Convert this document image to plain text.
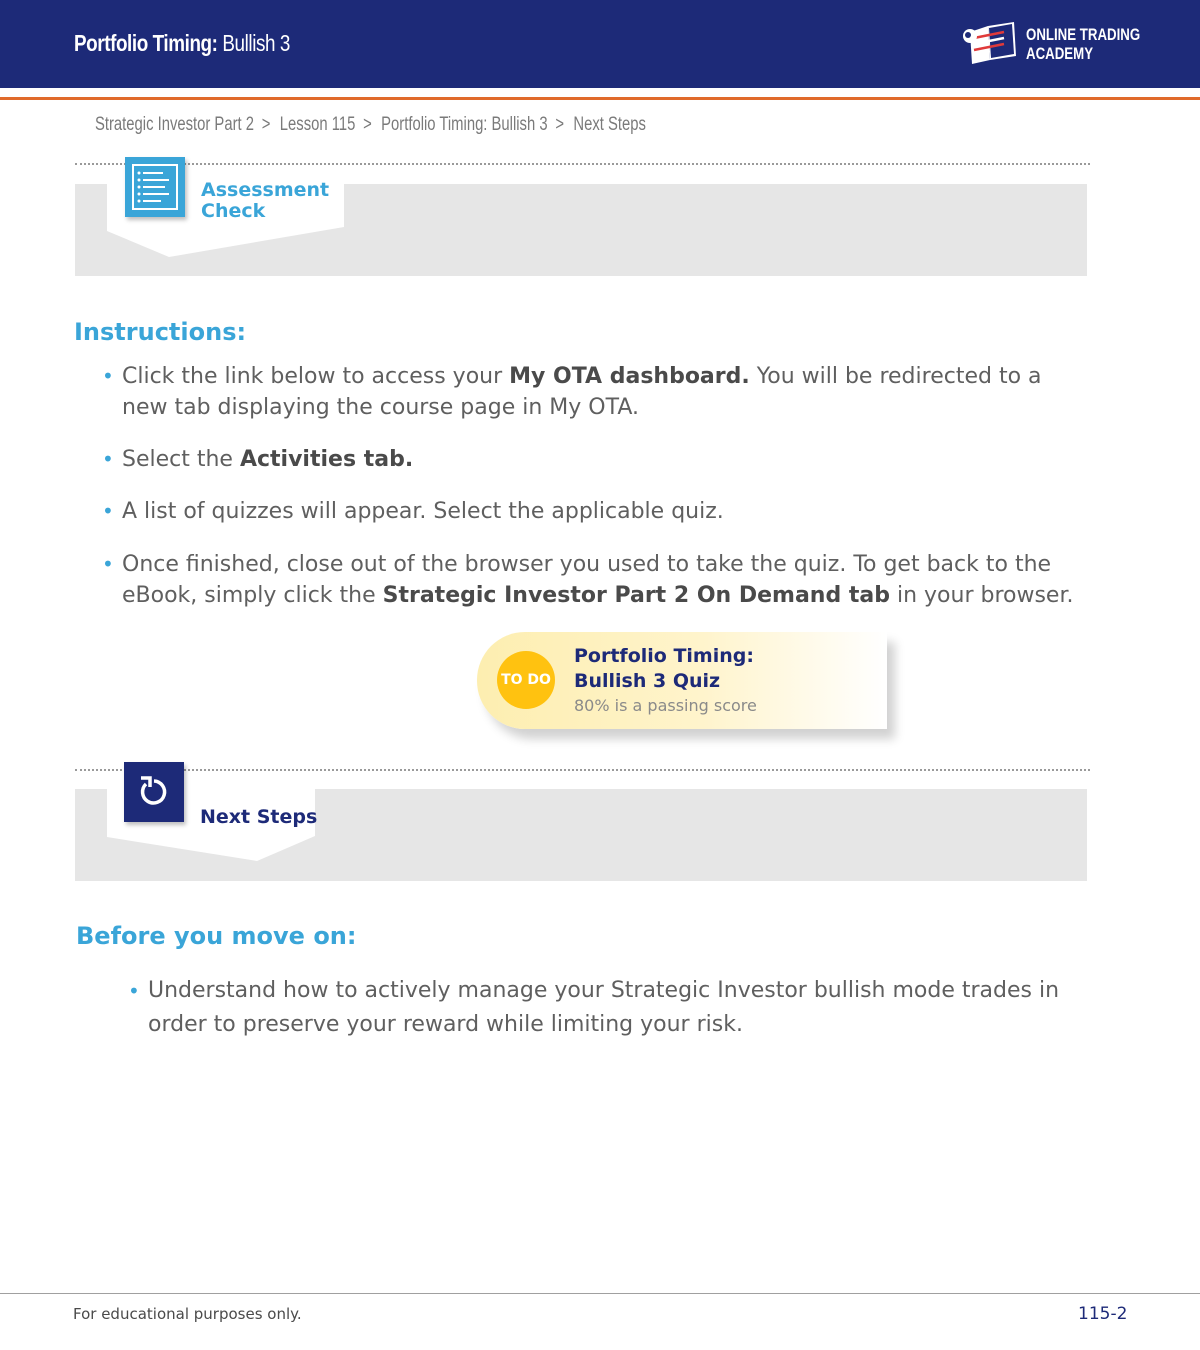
Portfolio Timing: Bullish 3	ONLINE TRADING
ACADEMY
Strategic Investor Part 2 > Lesson 115 > Portfolio Timing: Bullish 3 > Next Steps
Assessment
Check
Instructions:
• Click the link below to access your My OTA dashboard. You will be redirected to a new tab displaying the course page in My OTA.
• Select the Activities tab.
• A list of quizzes will appear. Select the applicable quiz.
• Once finished, close out of the browser you used to take the quiz. To get back to the eBook, simply click the Strategic Investor Part 2 On Demand tab in your browser.
TO DO
Portfolio Timing:
Bullish 3 Quiz
80% is a passing score
Next Steps
Before you move on:
• Understand how to actively manage your Strategic Investor bullish mode trades in order to preserve your reward while limiting your risk.
For educational purposes only.	115-2
